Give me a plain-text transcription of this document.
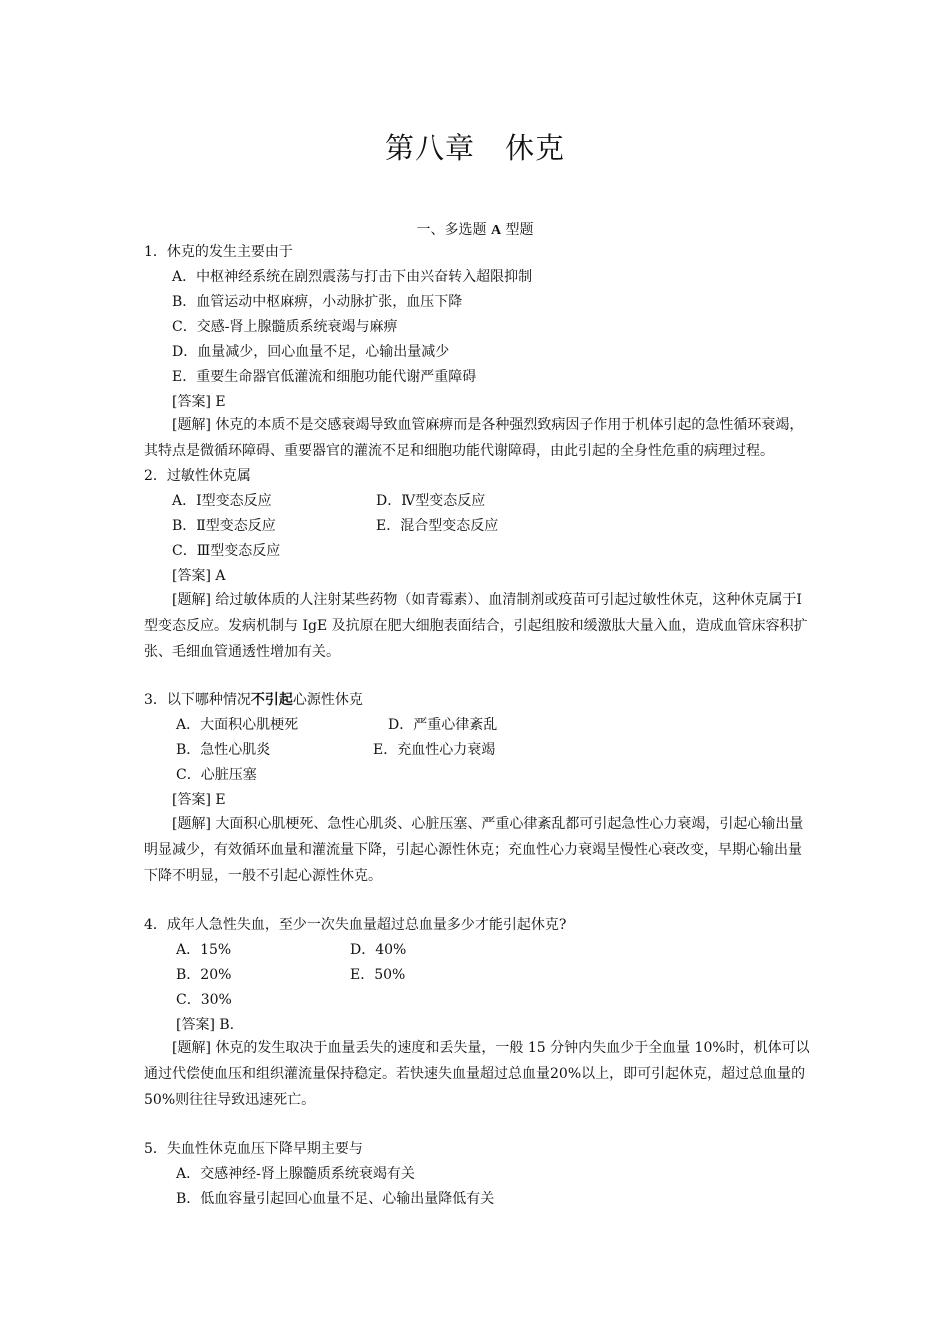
第八章　休克
一、多选题 A 型题
1．休克的发生主要由于
A．中枢神经系统在剧烈震荡与打击下由兴奋转入超限抑制
B．血管运动中枢麻痹，小动脉扩张，血压下降
C．交感-肾上腺髓质系统衰竭与麻痹
D．血量减少，回心血量不足，心输出量减少
E．重要生命器官低灌流和细胞功能代谢严重障碍
[答案] E
[题解] 休克的本质不是交感衰竭导致血管麻痹而是各种强烈致病因子作用于机体引起的急性循环衰竭，其特点是微循环障碍、重要器官的灌流不足和细胞功能代谢障碍，由此引起的全身性危重的病理过程。
2．过敏性休克属
A．Ⅰ型变态反应	D．Ⅳ型变态反应
B．Ⅱ型变态反应	E．混合型变态反应
C．Ⅲ型变态反应
[答案] A
[题解] 给过敏体质的人注射某些药物（如青霉素）、血清制剂或疫苗可引起过敏性休克，这种休克属于Ⅰ型变态反应。发病机制与 IgE 及抗原在肥大细胞表面结合，引起组胺和缓激肽大量入血，造成血管床容积扩张、毛细血管通透性增加有关。
3．以下哪种情况不引起心源性休克
A．大面积心肌梗死	D．严重心律紊乱
B．急性心肌炎	E．充血性心力衰竭
C．心脏压塞
[答案] E
[题解] 大面积心肌梗死、急性心肌炎、心脏压塞、严重心律紊乱都可引起急性心力衰竭，引起心输出量明显减少，有效循环血量和灌流量下降，引起心源性休克；充血性心力衰竭呈慢性心衰改变，早期心输出量下降不明显，一般不引起心源性休克。
4．成年人急性失血，至少一次失血量超过总血量多少才能引起休克?
A．15%	D．40%
B．20%	E．50%
C．30%
[答案] B.
[题解] 休克的发生取决于血量丢失的速度和丢失量，一般 15 分钟内失血少于全血量 10%时，机体可以通过代偿使血压和组织灌流量保持稳定。若快速失血量超过总血量20%以上，即可引起休克，超过总血量的 50%则往往导致迅速死亡。
5．失血性休克血压下降早期主要与
A．交感神经-肾上腺髓质系统衰竭有关
B．低血容量引起回心血量不足、心输出量降低有关
